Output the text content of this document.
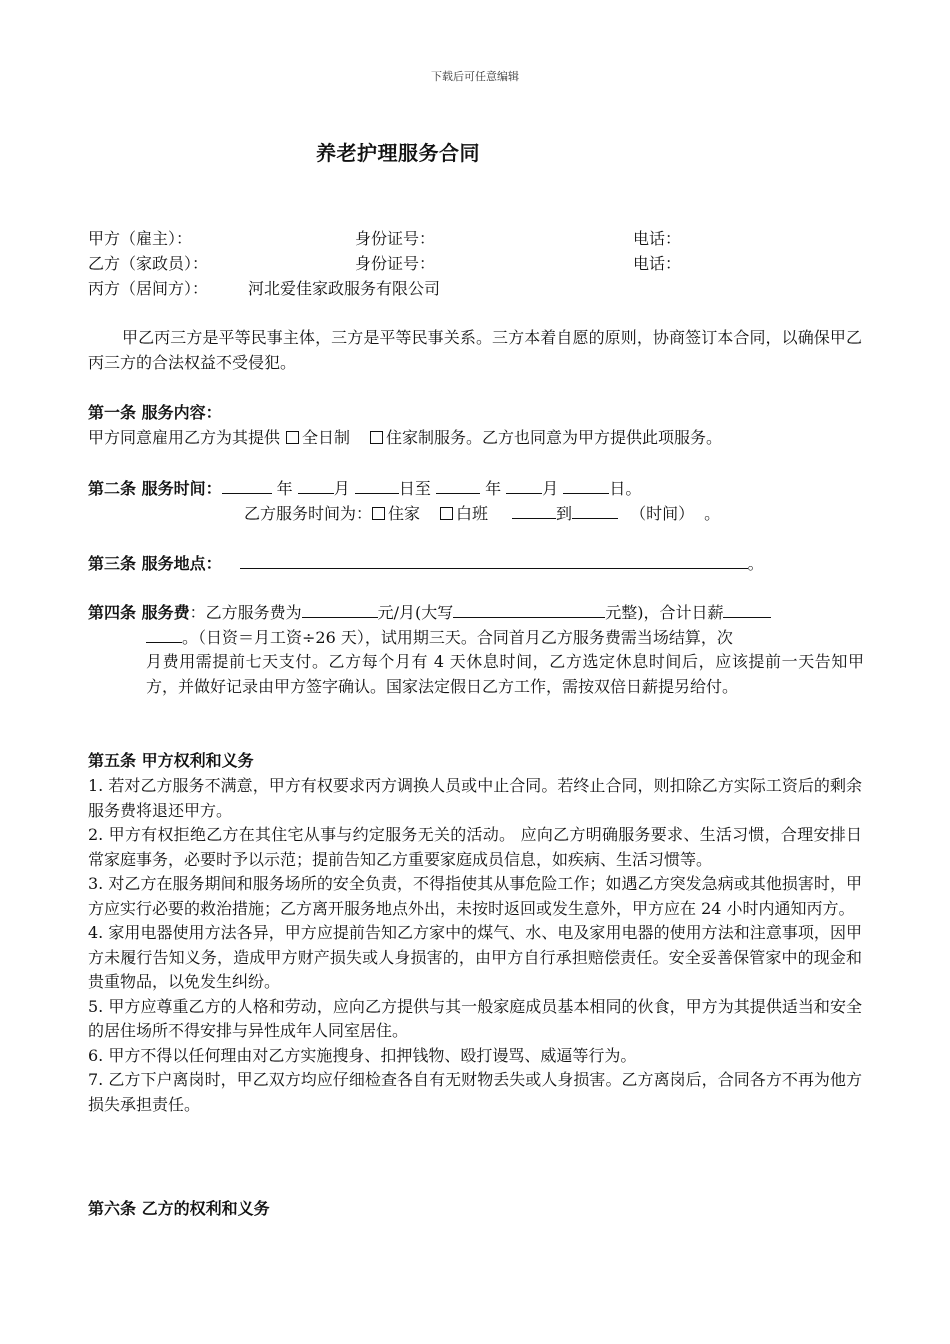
下载后可任意编辑
养老护理服务合同
甲方（雇主）：	身份证号：	电话：
乙方（家政员）：	身份证号：	电话：
丙方（居间方）： 河北爱佳家政服务有限公司

甲乙丙三方是平等民事主体，三方是平等民事关系。三方本着自愿的原则，协商签订本合同，以确保甲乙丙三方的合法权益不受侵犯。

第一条 服务内容：
甲方同意雇用乙方为其提供 全日制 住家制服务。乙方也同意为甲方提供此项服务。
第二条 服务时间：	年	月	日至	年	月	日。
乙方服务时间为： 住家 白班	到	（时间） 。
第三条 服务地点：	。
第四条 服务费：乙方服务费为	元/月(大写	元整)，合计日薪
。（日资＝月工资÷26 天），试用期三天。合同首月乙方服务费需当场结算，次

月费用需提前七天支付。乙方每个月有 4 天休息时间，乙方选定休息时间后，应该提前一天告知甲方，并做好记录由甲方签字确认。国家法定假日乙方工作，需按双倍日薪提另给付。

第五条 甲方权利和义务

1. 若对乙方服务不满意，甲方有权要求丙方调换人员或中止合同。若终止合同，则扣除乙方实际工资后的剩余服务费将退还甲方。

2. 甲方有权拒绝乙方在其住宅从事与约定服务无关的活动。 应向乙方明确服务要求、生活习惯，合理安排日常家庭事务，必要时予以示范；提前告知乙方重要家庭成员信息，如疾病、生活习惯等。

3. 对乙方在服务期间和服务场所的安全负责，不得指使其从事危险工作；如遇乙方突发急病或其他损害时，甲方应实行必要的救治措施；乙方离开服务地点外出，未按时返回或发生意外，甲方应在 24 小时内通知丙方。

4. 家用电器使用方法各异，甲方应提前告知乙方家中的煤气、水、电及家用电器的使用方法和注意事项，因甲方未履行告知义务，造成甲方财产损失或人身损害的，由甲方自行承担赔偿责任。安全妥善保管家中的现金和贵重物品，以免发生纠纷。

5. 甲方应尊重乙方的人格和劳动，应向乙方提供与其一般家庭成员基本相同的伙食，甲方为其提供适当和安全的居住场所不得安排与异性成年人同室居住。

6. 甲方不得以任何理由对乙方实施搜身、扣押钱物、殴打谩骂、威逼等行为。

7. 乙方下户离岗时，甲乙双方均应仔细检查各自有无财物丢失或人身损害。乙方离岗后，合同各方不再为他方损失承担责任。

第六条 乙方的权利和义务
